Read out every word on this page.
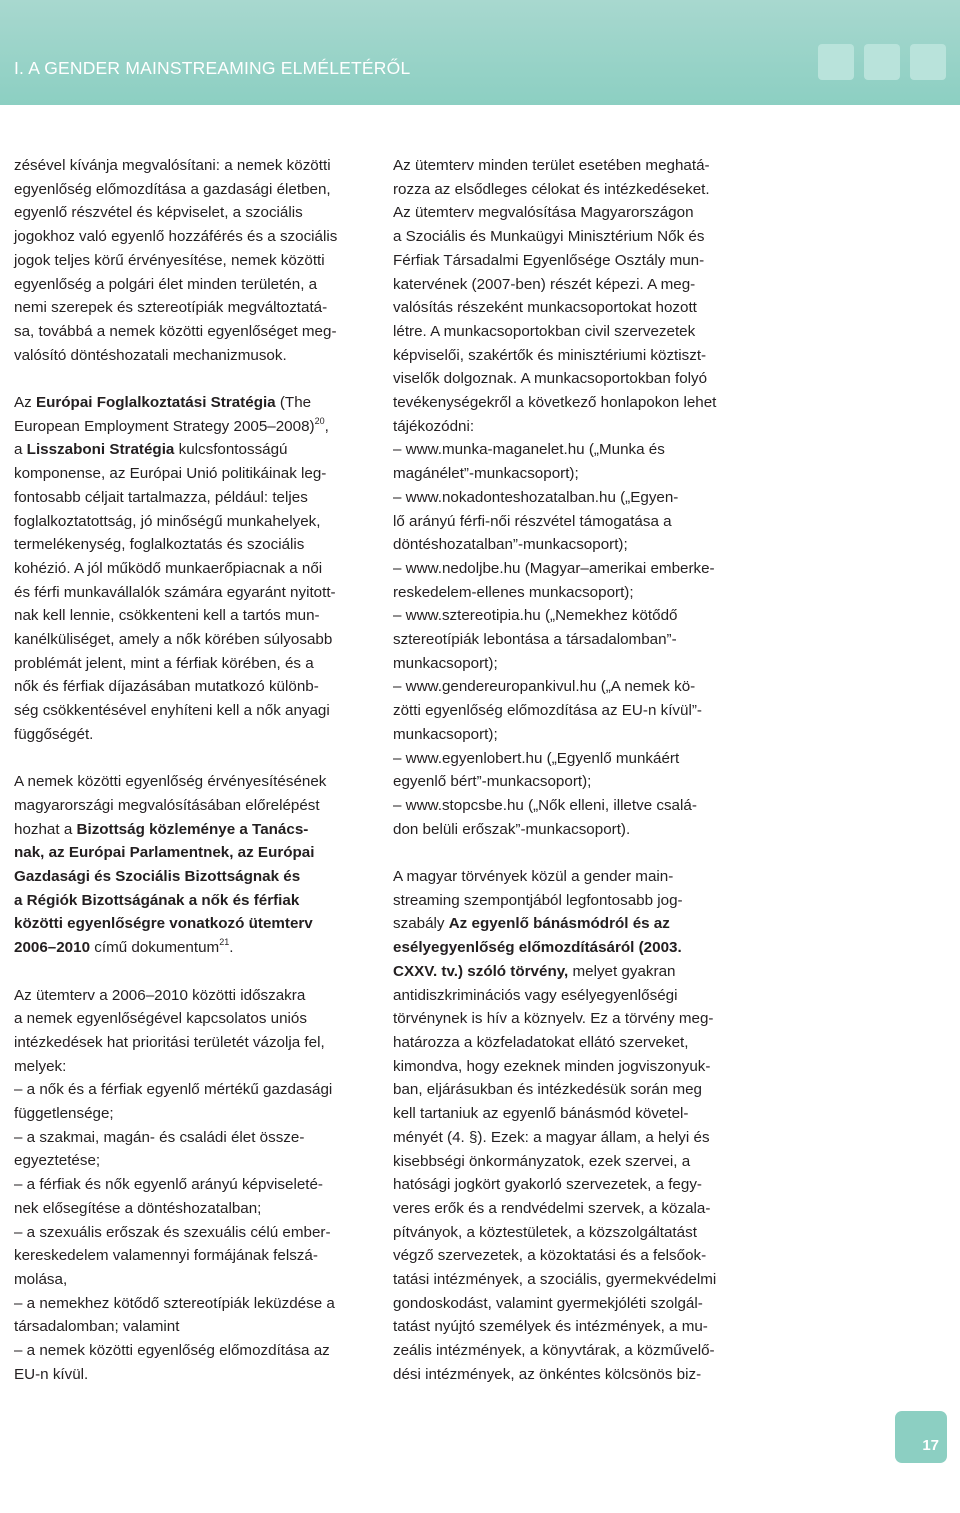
I. A GENDER MAINSTREAMING ELMÉLETÉRŐL

zésével kívánja megvalósítani: a nemek közötti
egyenlőség előmozdítása a gazdasági életben,
egyenlő részvétel és képviselet, a szociális
jogokhoz való egyenlő hozzáférés és a szociális
jogok teljes körű érvényesítése, nemek közötti
egyenlőség a polgári élet minden területén, a
nemi szerepek és sztereotípiák megváltoztatá-
sa, továbbá a nemek közötti egyenlőséget meg-
valósító döntéshozatali mechanizmusok.

Az Európai Foglalkoztatási Stratégia (The
European Employment Strategy 2005–2008)$^{20}$,
a Lisszaboni Stratégia kulcsfontosságú
komponense, az Európai Unió politikáinak leg-
fontosabb céljait tartalmazza, például: teljes
foglalkoztatottság, jó minőségű munkahelyek,
termelékenység, foglalkoztatás és szociális
kohézió. A jól működő munkaerőpiacnak a női
és férfi munkavállalók számára egyaránt nyitott-
nak kell lennie, csökkenteni kell a tartós mun-
kanélküliséget, amely a nők körében súlyosabb
problémát jelent, mint a férfiak körében, és a
nők és férfiak díjazásában mutatkozó különb-
ség csökkentésével enyhíteni kell a nők anyagi
függőségét.

A nemek közötti egyenlőség érvényesítésének
magyarországi megvalósításában előrelépést
hozhat a Bizottság közleménye a Tanács-
nak, az Európai Parlamentnek, az Európai
Gazdasági és Szociális Bizottságnak és
a Régiók Bizottságának a nők és férfiak
közötti egyenlőségre vonatkozó ütemterv
2006–2010 című dokumentum$^{21}$.

Az ütemterv a 2006–2010 közötti időszakra
a nemek egyenlőségével kapcsolatos uniós
intézkedések hat prioritási területét vázolja fel,
melyek:
– a nők és a férfiak egyenlő mértékű gazdasági
függetlensége;
– a szakmai, magán- és családi élet össze-
egyeztetése;
– a férfiak és nők egyenlő arányú képviseleté-
nek elősegítése a döntéshozatalban;
– a szexuális erőszak és szexuális célú ember-
kereskedelem valamennyi formájának felszá-
molása,
– a nemekhez kötődő sztereotípiák leküzdése a
társadalomban; valamint
– a nemek közötti egyenlőség előmozdítása az
EU-n kívül.

Az ütemterv minden terület esetében meghatá-
rozza az elsődleges célokat és intézkedéseket.
Az ütemterv megvalósítása Magyarországon
a Szociális és Munkaügyi Minisztérium Nők és
Férfiak Társadalmi Egyenlősége Osztály mun-
katervének (2007-ben) részét képezi. A meg-
valósítás részeként munkacsoportokat hozott
létre. A munkacsoportokban civil szervezetek
képviselői, szakértők és minisztériumi köztiszt-
viselők dolgoznak. A munkacsoportokban folyó
tevékenységekről a következő honlapokon lehet
tájékozódni:
– www.munka-maganelet.hu („Munka és
magánélet”-munkacsoport);
– www.nokadonteshozatalban.hu („Egyen-
lő arányú férfi-női részvétel támogatása a
döntéshozatalban”-munkacsoport);
– www.nedoljbe.hu (Magyar–amerikai emberke-
reskedelem-ellenes munkacsoport);
– www.sztereotipia.hu („Nemekhez kötődő
sztereotípiák lebontása a társadalomban”-
munkacsoport);
– www.gendereuropankivul.hu („A nemek kö-
zötti egyenlőség előmozdítása az EU-n kívül”-
munkacsoport);
– www.egyenlobert.hu („Egyenlő munkáért
egyenlő bért”-munkacsoport);
– www.stopcsbe.hu („Nők elleni, illetve csalá-
don belüli erőszak”-munkacsoport).

A magyar törvények közül a gender main-
streaming szempontjából legfontosabb jog-
szabály Az egyenlő bánásmódról és az
esélyegyenlőség előmozdításáról (2003.
CXXV. tv.) szóló törvény, melyet gyakran
antidiszkriminációs vagy esélyegyenlőségi
törvénynek is hív a köznyelv. Ez a törvény meg-
határozza a közfeladatokat ellátó szerveket,
kimondva, hogy ezeknek minden jogviszonyuk-
ban, eljárásukban és intézkedésük során meg
kell tartaniuk az egyenlő bánásmód követel-
ményét (4. §). Ezek: a magyar állam, a helyi és
kisebbségi önkormányzatok, ezek szervei, a
hatósági jogkört gyakorló szervezetek, a fegy-
veres erők és a rendvédelmi szervek, a közala-
pítványok, a köztestületek, a közszolgáltatást
végző szervezetek, a közoktatási és a felsőok-
tatási intézmények, a szociális, gyermekvédelmi
gondoskodást, valamint gyermekjóléti szolgál-
tatást nyújtó személyek és intézmények, a mu-
zeális intézmények, a könyvtárak, a közművelő-
dési intézmények, az önkéntes kölcsönös biz-

17
